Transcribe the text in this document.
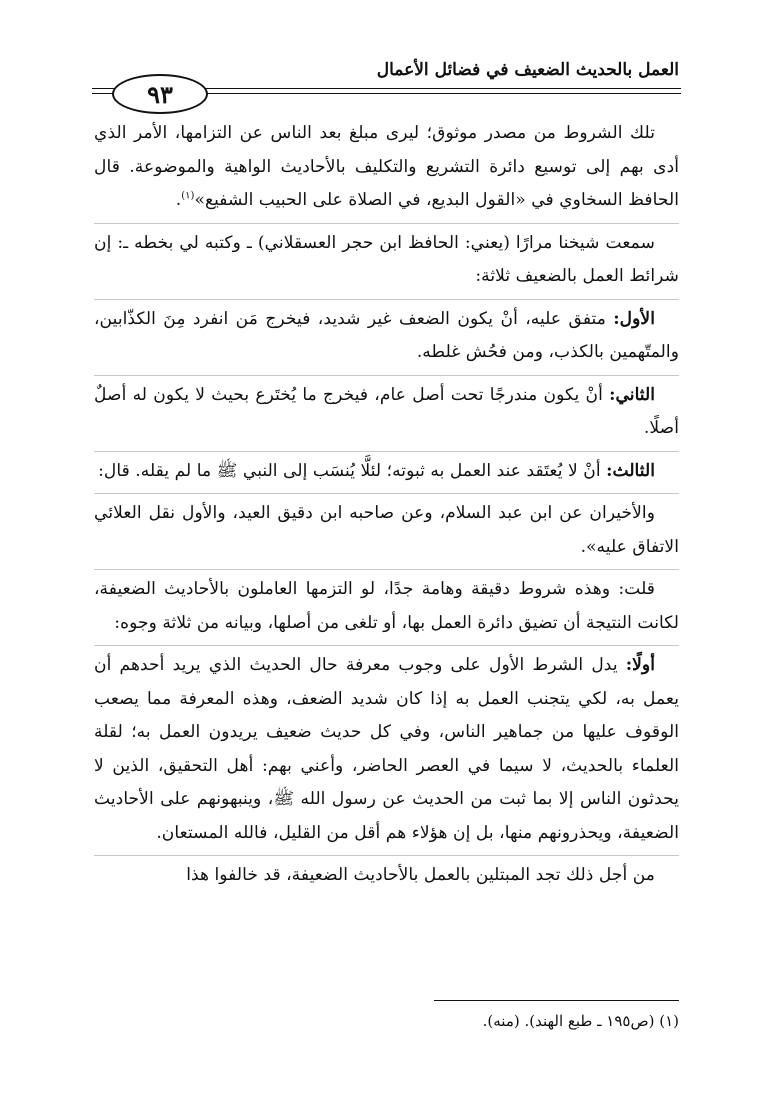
العمل بالحديث الضعيف في فضائل الأعمال
٩٣

تلك الشروط من مصدر موثوق؛ ليرى مبلغ بعد الناس عن التزامها، الأمر الذي أدى بهم إلى توسيع دائرة التشريع والتكليف بالأحاديث الواهية والموضوعة. قال الحافظ السخاوي في «القول البديع، في الصلاة على الحبيب الشفيع»$^{(١)}$.

سمعت شيخنا مرارًا (يعني: الحافظ ابن حجر العسقلاني) ـ وكتبه لي بخطه ـ: إن شرائط العمل بالضعيف ثلاثة:

الأول: متفق عليه، أنْ يكون الضعف غير شديد، فيخرج مَن انفرد مِنَ الكذّابين، والمتّهمين بالكذب، ومن فحُش غلطه.

الثاني: أنْ يكون مندرجًا تحت أصل عام، فيخرج ما يُختَرع بحيث لا يكون له أصلٌ أصلًا.

الثالث: أنْ لا يُعتَقد عند العمل به ثبوته؛ لئلَّا يُنسَب إلى النبي ﷺ ما لم يقله. قال:

والأخيران عن ابن عبد السلام، وعن صاحبه ابن دقيق العيد، والأول نقل العلائي الاتفاق عليه».

قلت: وهذه شروط دقيقة وهامة جدًا، لو التزمها العاملون بالأحاديث الضعيفة، لكانت النتيجة أن تضيق دائرة العمل بها، أو تلغى من أصلها، وبيانه من ثلاثة وجوه:

أولًا: يدل الشرط الأول على وجوب معرفة حال الحديث الذي يريد أحدهم أن يعمل به، لكي يتجنب العمل به إذا كان شديد الضعف، وهذه المعرفة مما يصعب الوقوف عليها من جماهير الناس، وفي كل حديث ضعيف يريدون العمل به؛ لقلة العلماء بالحديث، لا سيما في العصر الحاضر، وأعني بهم: أهل التحقيق، الذين لا يحدثون الناس إلا بما ثبت من الحديث عن رسول الله ﷺ، وينبهونهم على الأحاديث الضعيفة، ويحذرونهم منها، بل إن هؤلاء هم أقل من القليل، فالله المستعان.

من أجل ذلك تجد المبتلين بالعمل بالأحاديث الضعيفة، قد خالفوا هذا

(١) (ص١٩٥ ـ طبع الهند). (منه).
